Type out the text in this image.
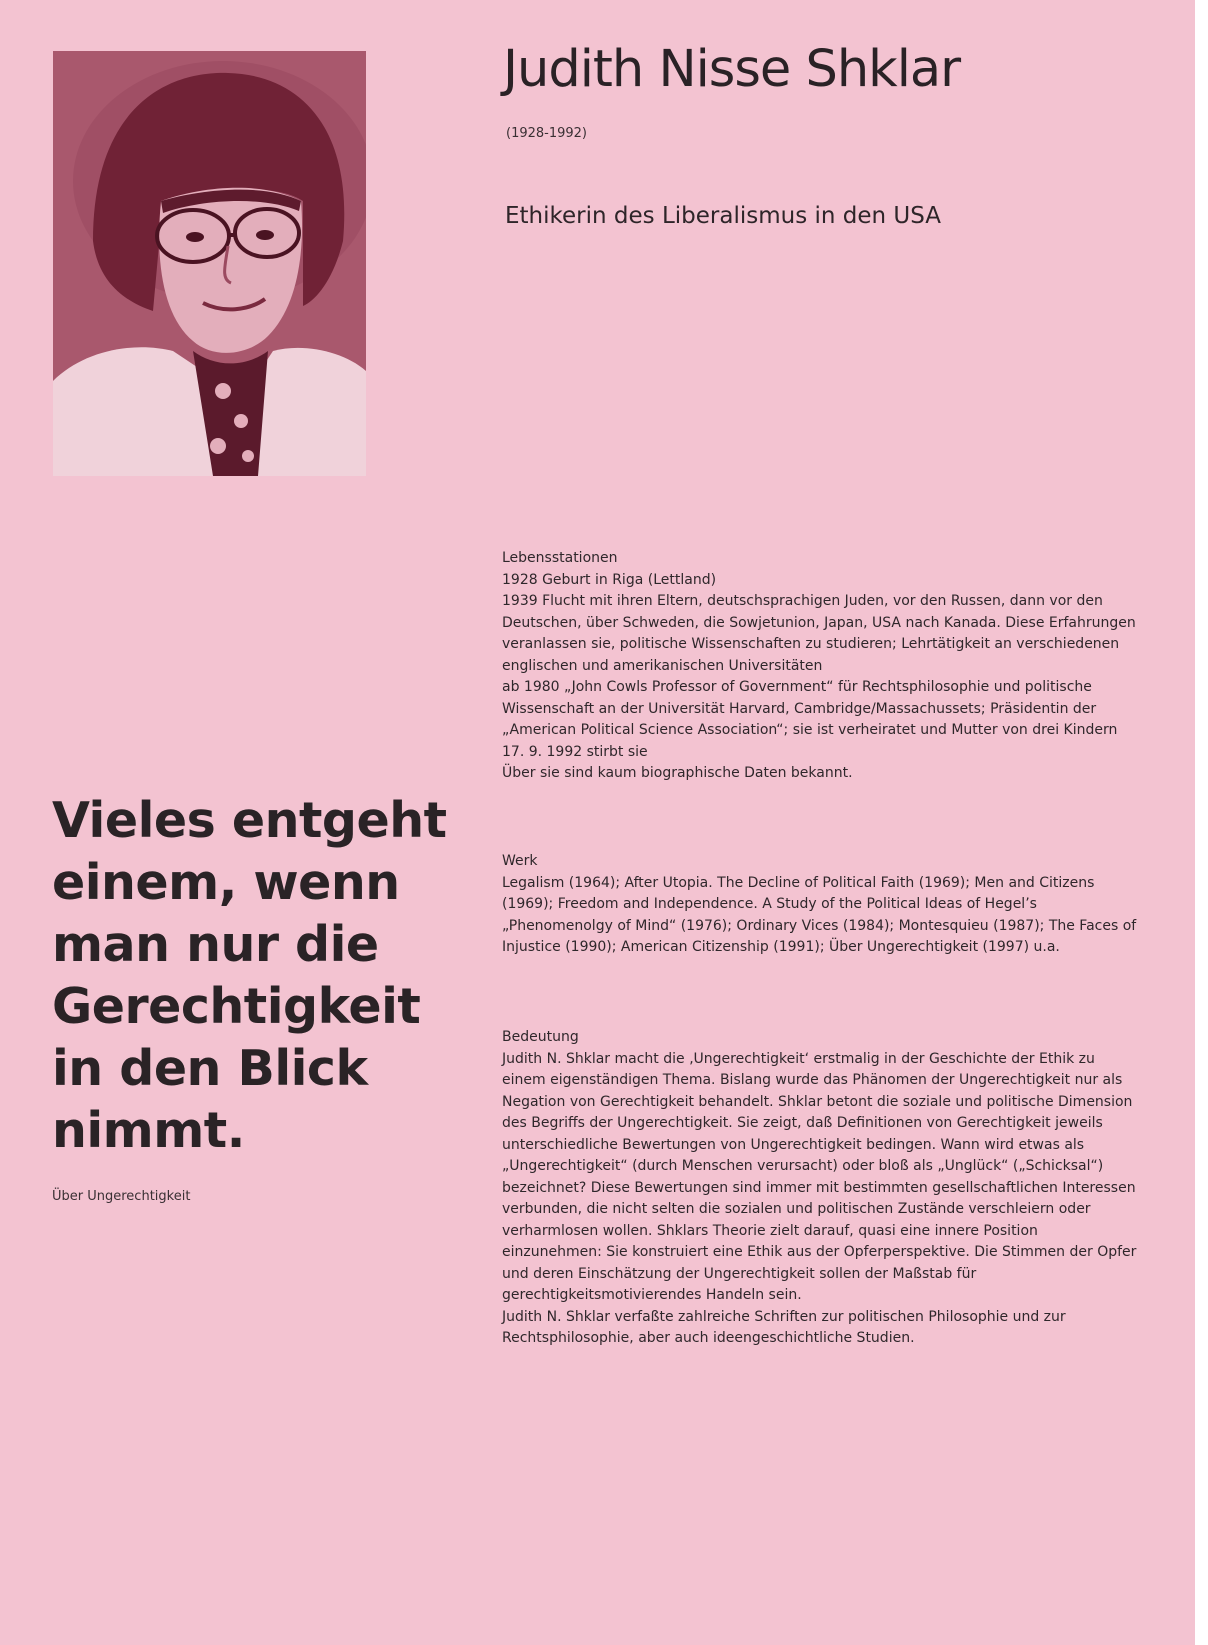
Judith Nisse Shklar
(1928-1992)
Ethikerin des Liberalismus in den USA
Lebensstationen

1928 Geburt in Riga (Lettland)

1939 Flucht mit ihren Eltern, deutschsprachigen Juden, vor den Russen, dann vor den Deutschen, über Schweden, die Sowjetunion, Japan, USA nach Kanada. Diese Erfahrungen veranlassen sie, politische Wissenschaften zu studieren; Lehrtätigkeit an verschiedenen englischen und amerikanischen Universitäten

ab 1980 „John Cowls Professor of Government“ für Rechtsphilosophie und politische Wissenschaft an der Universität Harvard, Cambridge/Massachussets; Präsidentin der „American Political Science Association“; sie ist verheiratet und Mutter von drei Kindern

17. 9. 1992 stirbt sie

Über sie sind kaum biographische Daten bekannt.

Werk

Legalism (1964); After Utopia. The Decline of Political Faith (1969); Men and Citizens (1969); Freedom and Independence. A Study of the Political Ideas of Hegel’s „Phenomenolgy of Mind“ (1976); Ordinary Vices (1984); Montesquieu (1987); The Faces of Injustice (1990); American Citizenship (1991); Über Ungerechtigkeit (1997) u.a.

Bedeutung

Judith N. Shklar macht die ‚Ungerechtigkeit‘ erstmalig in der Geschichte der Ethik zu einem eigenständigen Thema. Bislang wurde das Phänomen der Ungerechtigkeit nur als Negation von Gerechtigkeit behandelt. Shklar betont die soziale und politische Dimension des Begriffs der Ungerechtigkeit. Sie zeigt, daß Definitionen von Gerechtigkeit jeweils unterschiedliche Bewertungen von Ungerechtigkeit bedingen. Wann wird etwas als „Ungerechtigkeit“ (durch Menschen verursacht) oder bloß als „Unglück“ („Schicksal“) bezeichnet? Diese Bewertungen sind immer mit bestimmten gesellschaftlichen Interessen verbunden, die nicht selten die sozialen und politischen Zustände verschleiern oder verharmlosen wollen. Shklars Theorie zielt darauf, quasi eine innere Position einzunehmen: Sie konstruiert eine Ethik aus der Opferperspektive. Die Stimmen der Opfer und deren Einschätzung der Ungerechtigkeit sollen der Maßstab für gerechtigkeitsmotivierendes Handeln sein.

Judith N. Shklar verfaßte zahlreiche Schriften zur politischen Philosophie und zur Rechtsphilosophie, aber auch ideengeschichtliche Studien.

Vieles entgeht einem, wenn man nur die Gerechtigkeit in den Blick nimmt.
Über Ungerechtigkeit
